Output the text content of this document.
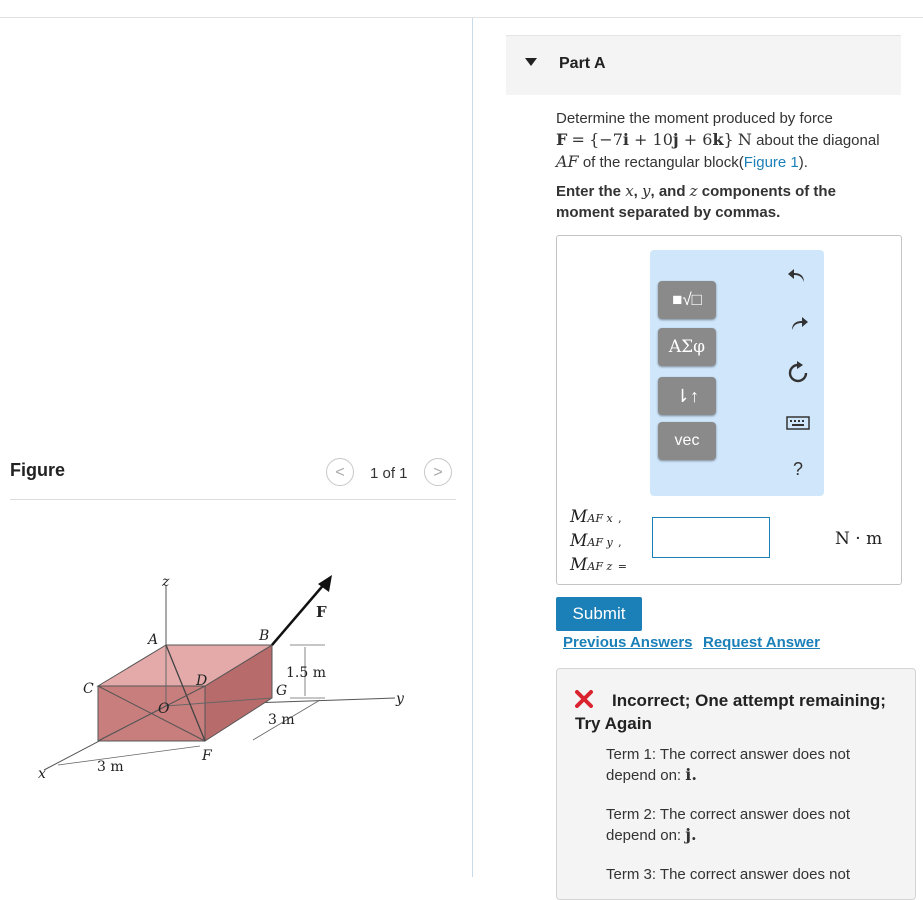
Figure	<	1 of 1	>
z
x
y
A	B
C	D
O
F
G
F
1.5 m
3 m
3 m
Part A
Determine the moment produced by force
F = {−7i + 10j + 6k} N about the diagonal
AF of the rectangular block(Figure 1).
Enter the x, y, and z components of the moment separated by commas.
■√□
ΑΣφ
⇂↑
vec
?
MAF x ,
MAF y ,
MAF z =
N · m
Submit
Previous Answers Request Answer
Incorrect; One attempt remaining; Try Again
Term 1: The correct answer does not depend on: i.
Term 2: The correct answer does not depend on: j.
Term 3: The correct answer does not
